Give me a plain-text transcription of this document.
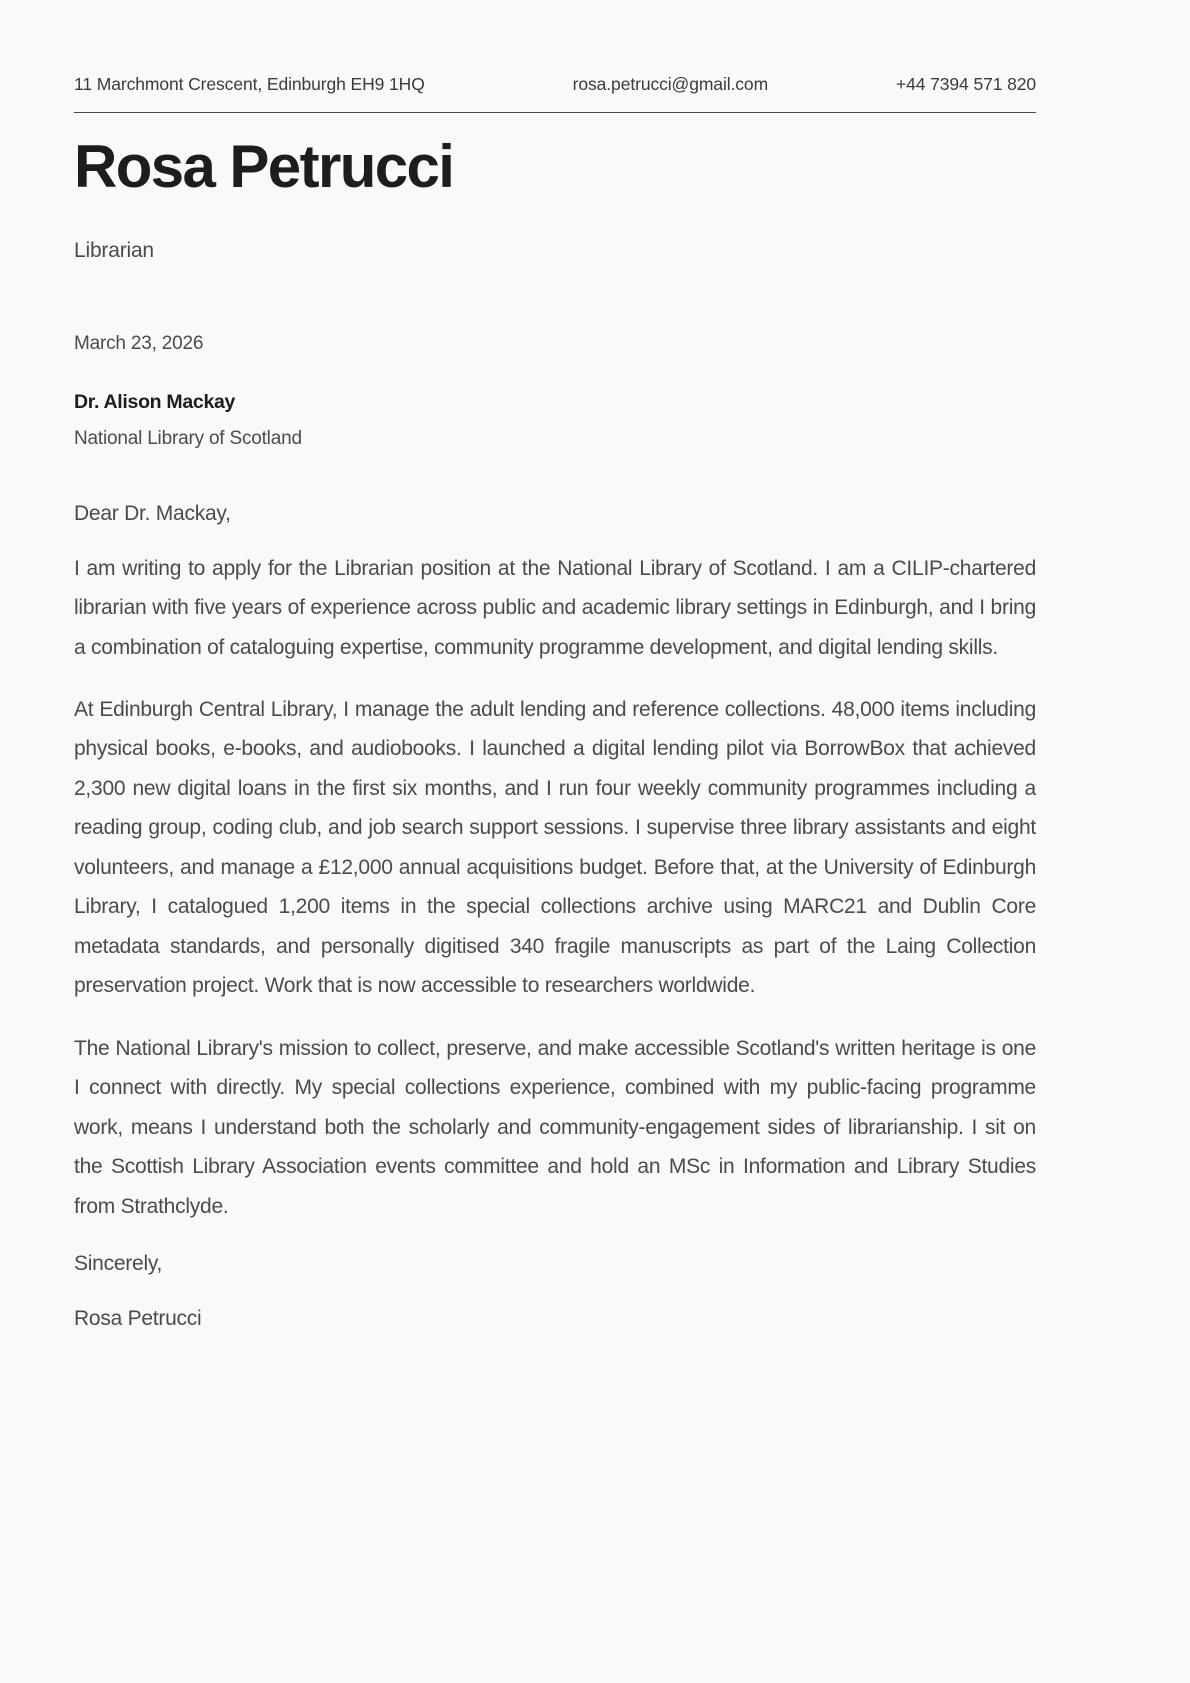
11 Marchmont Crescent, Edinburgh EH9 1HQ	rosa.petrucci@gmail.com	+44 7394 571 820
Rosa Petrucci
Librarian
March 23, 2026
Dr. Alison Mackay
National Library of Scotland
Dear Dr. Mackay,

I am writing to apply for the Librarian position at the National Library of Scotland. I am a CILIP-chartered librarian with five years of experience across public and academic library settings in Edinburgh, and I bring a combination of cataloguing expertise, community programme development, and digital lending skills.

At Edinburgh Central Library, I manage the adult lending and reference collections. 48,000 items including physical books, e-books, and audiobooks. I launched a digital lending pilot via BorrowBox that achieved 2,300 new digital loans in the first six months, and I run four weekly community programmes including a reading group, coding club, and job search support sessions. I supervise three library assistants and eight volunteers, and manage a £12,000 annual acquisitions budget. Before that, at the University of Edinburgh Library, I catalogued 1,200 items in the special collections archive using MARC21 and Dublin Core metadata standards, and personally digitised 340 fragile manuscripts as part of the Laing Collection preservation project. Work that is now accessible to researchers worldwide.

The National Library's mission to collect, preserve, and make accessible Scotland's written heritage is one I connect with directly. My special collections experience, combined with my public-facing programme work, means I understand both the scholarly and community-engagement sides of librarianship. I sit on the Scottish Library Association events committee and hold an MSc in Information and Library Studies from Strathclyde.

Sincerely,
Rosa Petrucci
